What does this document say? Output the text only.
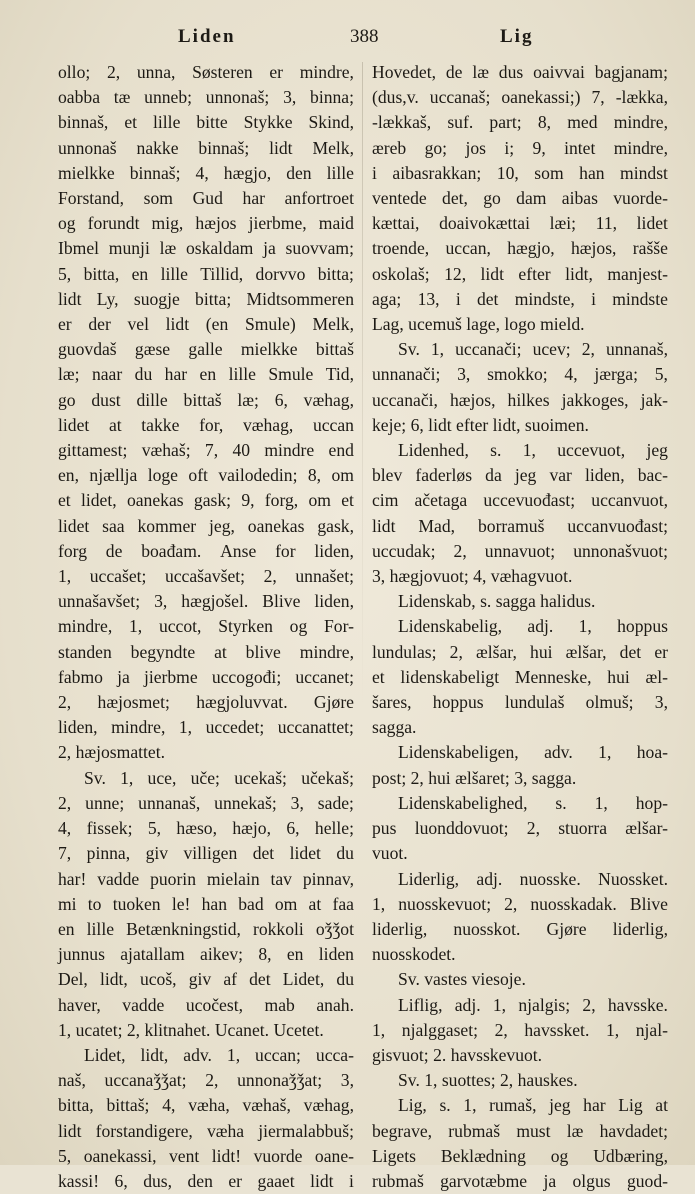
Liden	388	Lig
ollo; 2, unna, Søsteren er mindre,
oabba tæ unneb; unnonaš; 3, binna;
binnaš, et lille bitte Stykke Skind,
unnonaš nakke binnaš; lidt Melk,
mielkke binnaš; 4, hægjo, den lille
Forstand, som Gud har anfortroet
og forundt mig, hæjos jierbme, maid
Ibmel munji læ oskaldam ja suovvam;
5, bitta, en lille Tillid, dorvvo bitta;
lidt Ly, suogje bitta; Midtsommeren
er der vel lidt (en Smule) Melk,
guovdaš gæse galle mielkke bittaš
læ; naar du har en lille Smule Tid,
go dust dille bittaš læ; 6, væhag,
lidet at takke for, væhag, uccan
gittamest; væhaš; 7, 40 mindre end
en, njællja loge oft vailodedin; 8, om
et lidet, oanekas gask; 9, forg, om et
lidet saa kommer jeg, oanekas gask,
forg de boađam. Anse for liden,
1, uccašet; uccašavšet; 2, unnašet;
unnašavšet; 3, hægjošel. Blive liden,
mindre, 1, uccot, Styrken og For-
standen begyndte at blive mindre,
fabmo ja jierbme uccogođi; uccanet;
2, hæjosmet; hægjoluvvat. Gjøre
liden, mindre, 1, uccedet; uccanattet;
2, hæjosmattet.
Sv. 1, uce, uče; ucekaš; učekaš;
2, unne; unnanaš, unnekaš; 3, sade;
4, fissek; 5, hæso, hæjo, 6, helle;
7, pinna, giv villigen det lidet du
har! vadde puorin mielain tav pinnav,
mi to tuoken le! han bad om at faa
en lille Betænkningstid, rokkoli oǯǯot
junnus ajatallam aikev; 8, en liden
Del, lidt, ucoš, giv af det Lidet, du
haver, vadde ucočest, mab anah.
1, ucatet; 2, klitnahet. Ucanet. Ucetet.
Lidet, lidt, adv. 1, uccan; ucca-
naš, uccanaǯǯat; 2, unnonaǯǯat; 3,
bitta, bittaš; 4, væha, væhaš, væhag,
lidt forstandigere, væha jiermalabbuš;
5, oanekassi, vent lidt! vuorde oane-
kassi! 6, dus, den er gaaet lidt i
Hovedet, de læ dus oaivvai bagjanam;
(dus,v. uccanaš; oanekassi;) 7, -lækka,
-lækkaš, suf. part; 8, med mindre,
æreb go; jos i; 9, intet mindre,
i aibasrakkan; 10, som han mindst
ventede det, go dam aibas vuorde-
kættai, doaivokættai læi; 11, lidet
troende, uccan, hægjo, hæjos, rašše
oskolaš; 12, lidt efter lidt, manjest-
aga; 13, i det mindste, i mindste
Lag, ucemuš lage, logo mield.
Sv. 1, uccanači; ucev; 2, unnanaš,
unnanači; 3, smokko; 4, jærga; 5,
uccanači, hæjos, hilkes jakkoges, jak-
keje; 6, lidt efter lidt, suoimen.
Lidenhed, s. 1, uccevuot, jeg
blev faderløs da jeg var liden, bac-
cim ačetaga uccevuođast; uccanvuot,
lidt Mad, borramuš uccanvuođast;
uccudak; 2, unnavuot; unnonašvuot;
3, hægjovuot; 4, væhagvuot.
Lidenskab, s. sagga halidus.
Lidenskabelig, adj. 1, hoppus
lundulas; 2, ælšar, hui ælšar, det er
et lidenskabeligt Menneske, hui æl-
šares, hoppus lundulaš olmuš; 3,
sagga.
Lidenskabeligen, adv. 1, hoa-
post; 2, hui ælšaret; 3, sagga.
Lidenskabelighed, s. 1, hop-
pus luonddovuot; 2, stuorra ælšar-
vuot.
Liderlig, adj. nuosske. Nuossket.
1, nuosskevuot; 2, nuosskadak. Blive
liderlig, nuosskot. Gjøre liderlig,
nuosskodet.
Sv. vastes viesoje.
Liflig, adj. 1, njalgis; 2, havsske.
1, njalggaset; 2, havssket. 1, njal-
gisvuot; 2. havsskevuot.
Sv. 1, suottes; 2, hauskes.
Lig, s. 1, rumaš, jeg har Lig at
begrave, rubmaš must læ havdadet;
Ligets Beklædning og Udbæring,
rubmaš garvotæbme ja olgus guod-
